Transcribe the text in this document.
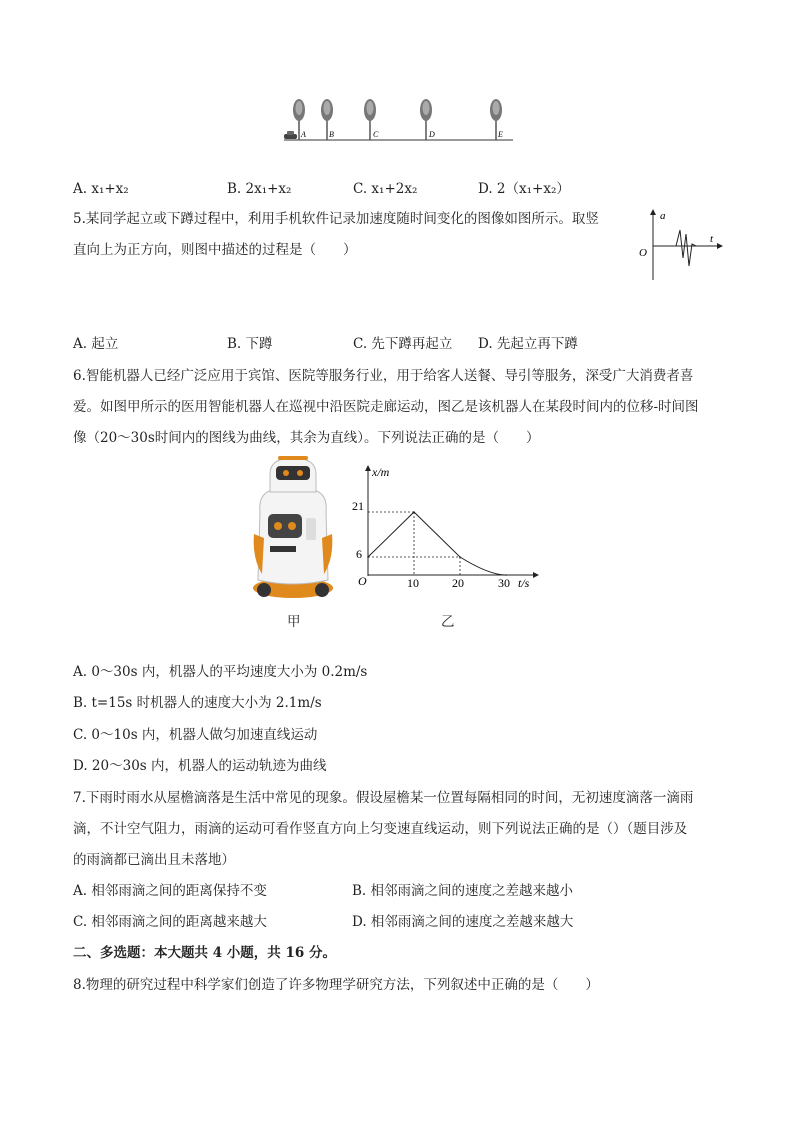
A	B	C	D	E
A. x₁+x₂	B. 2x₁+x₂	C. x₁+2x₂	D. 2（x₁+x₂）
5.某同学起立或下蹲过程中，利用手机软件记录加速度随时间变化的图像如图所示。取竖
直向上为正方向，则图中描述的过程是（　　）
a
t
O
A. 起立	B. 下蹲	C. 先下蹲再起立 D. 先起立再下蹲
6.智能机器人已经广泛应用于宾馆、医院等服务行业，用于给客人送餐、导引等服务，深受广大消费者喜
爱。如图甲所示的医用智能机器人在巡视中沿医院走廊运动，图乙是该机器人在某段时间内的位移-时间图
像（20～30s时间内的图线为曲线，其余为直线）。下列说法正确的是（　　）
甲
x/m
t/s
O
21
6
10	20	30
乙
A. 0～30s 内，机器人的平均速度大小为 0.2m/s
B. t=15s 时机器人的速度大小为 2.1m/s
C. 0～10s 内，机器人做匀加速直线运动
D. 20～30s 内，机器人的运动轨迹为曲线
7.下雨时雨水从屋檐滴落是生活中常见的现象。假设屋檐某一位置每隔相同的时间，无初速度滴落一滴雨
滴，不计空气阻力，雨滴的运动可看作竖直方向上匀变速直线运动，则下列说法正确的是（）（题目涉及
的雨滴都已滴出且未落地）
A. 相邻雨滴之间的距离保持不变	B. 相邻雨滴之间的速度之差越来越小
C. 相邻雨滴之间的距离越来越大	D. 相邻雨滴之间的速度之差越来越大
二、多选题：本大题共 4 小题，共 16 分。
8.物理的研究过程中科学家们创造了许多物理学研究方法，下列叙述中正确的是（　　）
